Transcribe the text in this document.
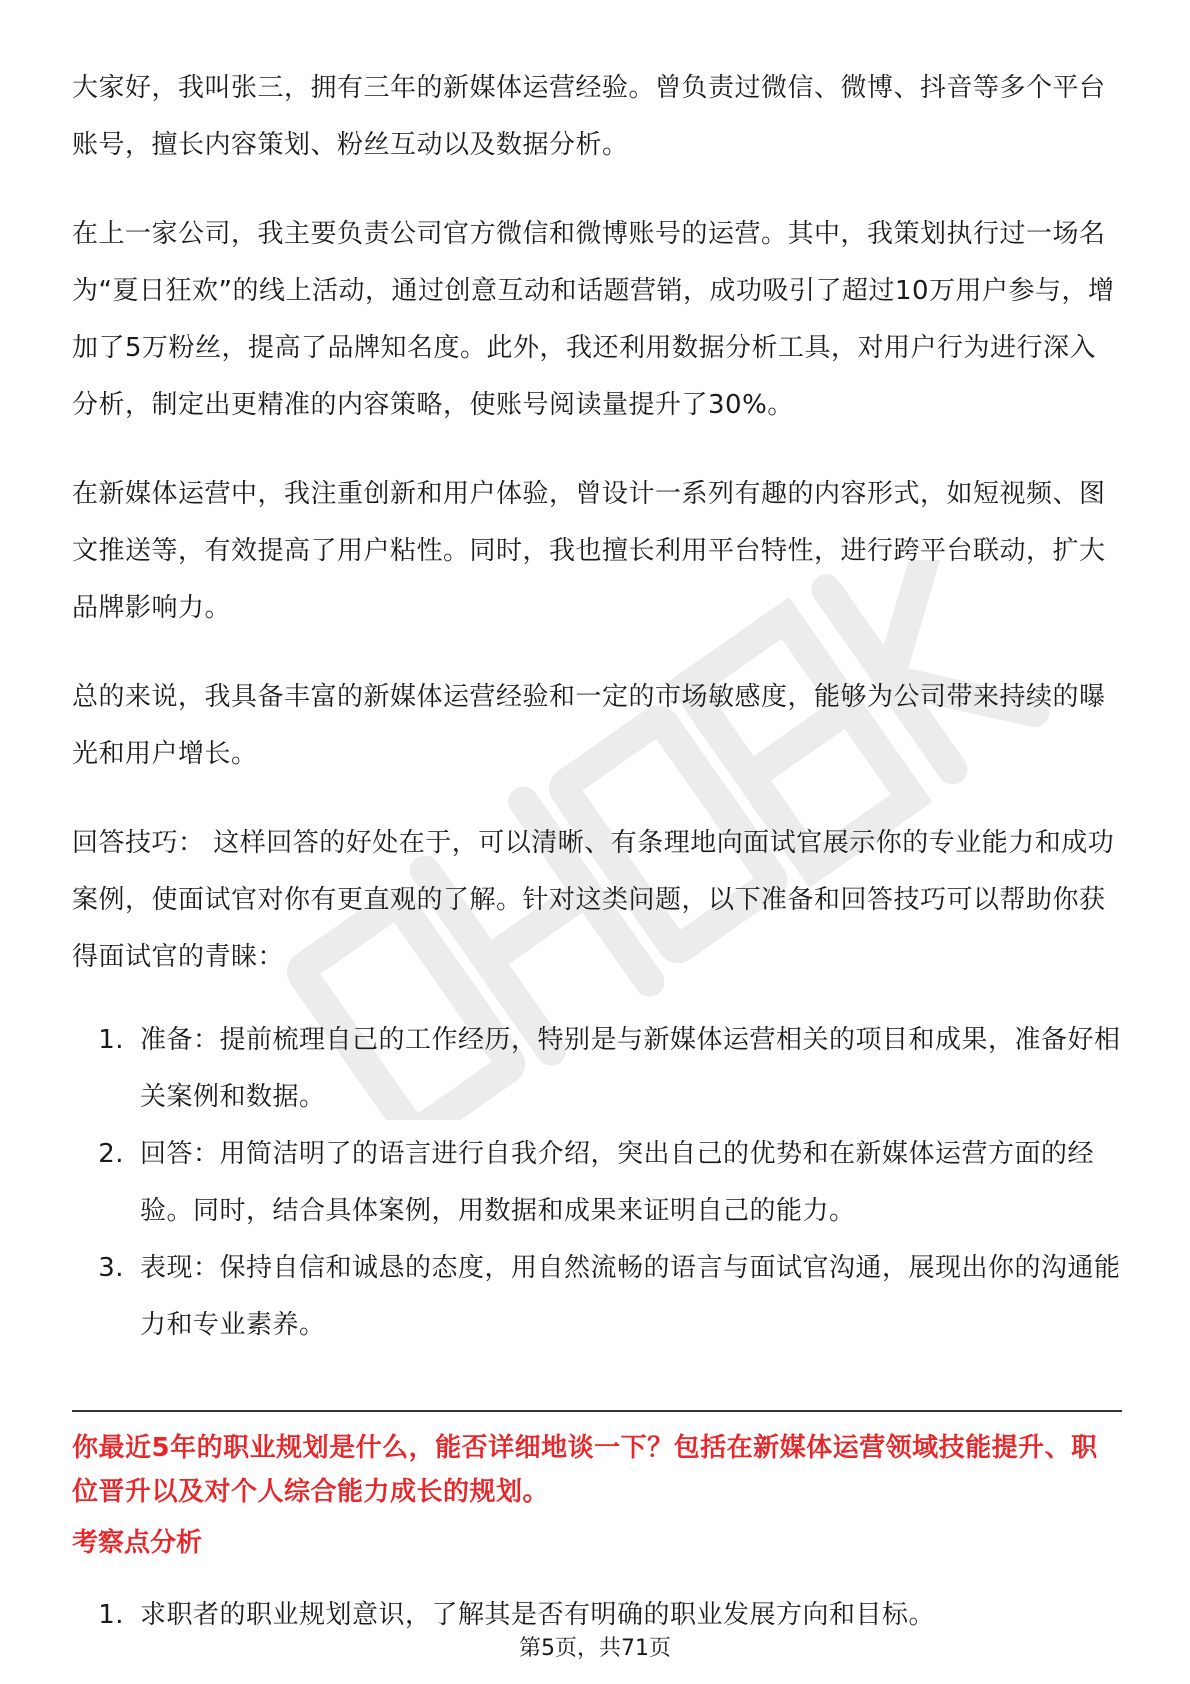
大家好，我叫张三，拥有三年的新媒体运营经验。曾负责过微信、微博、抖音等多个平台账号，擅长内容策划、粉丝互动以及数据分析。

在上一家公司，我主要负责公司官方微信和微博账号的运营。其中，我策划执行过一场名为“夏日狂欢”的线上活动，通过创意互动和话题营销，成功吸引了超过10万用户参与，增加了5万粉丝，提高了品牌知名度。此外，我还利用数据分析工具，对用户行为进行深入分析，制定出更精准的内容策略，使账号阅读量提升了30%。

在新媒体运营中，我注重创新和用户体验，曾设计一系列有趣的内容形式，如短视频、图文推送等，有效提高了用户粘性。同时，我也擅长利用平台特性，进行跨平台联动，扩大品牌影响力。

总的来说，我具备丰富的新媒体运营经验和一定的市场敏感度，能够为公司带来持续的曝光和用户增长。

回答技巧： 这样回答的好处在于，可以清晰、有条理地向面试官展示你的专业能力和成功案例，使面试官对你有更直观的了解。针对这类问题，以下准备和回答技巧可以帮助你获得面试官的青睐：

1. 准备：提前梳理自己的工作经历，特别是与新媒体运营相关的项目和成果，准备好相关案例和数据。
2. 回答：用简洁明了的语言进行自我介绍，突出自己的优势和在新媒体运营方面的经验。同时，结合具体案例，用数据和成果来证明自己的能力。
3. 表现：保持自信和诚恳的态度，用自然流畅的语言与面试官沟通，展现出你的沟通能力和专业素养。
你最近5年的职业规划是什么，能否详细地谈一下？包括在新媒体运营领域技能提升、职位晋升以及对个人综合能力成长的规划。
考察点分析
1. 求职者的职业规划意识，了解其是否有明确的职业发展方向和目标。
第5页，共71页
